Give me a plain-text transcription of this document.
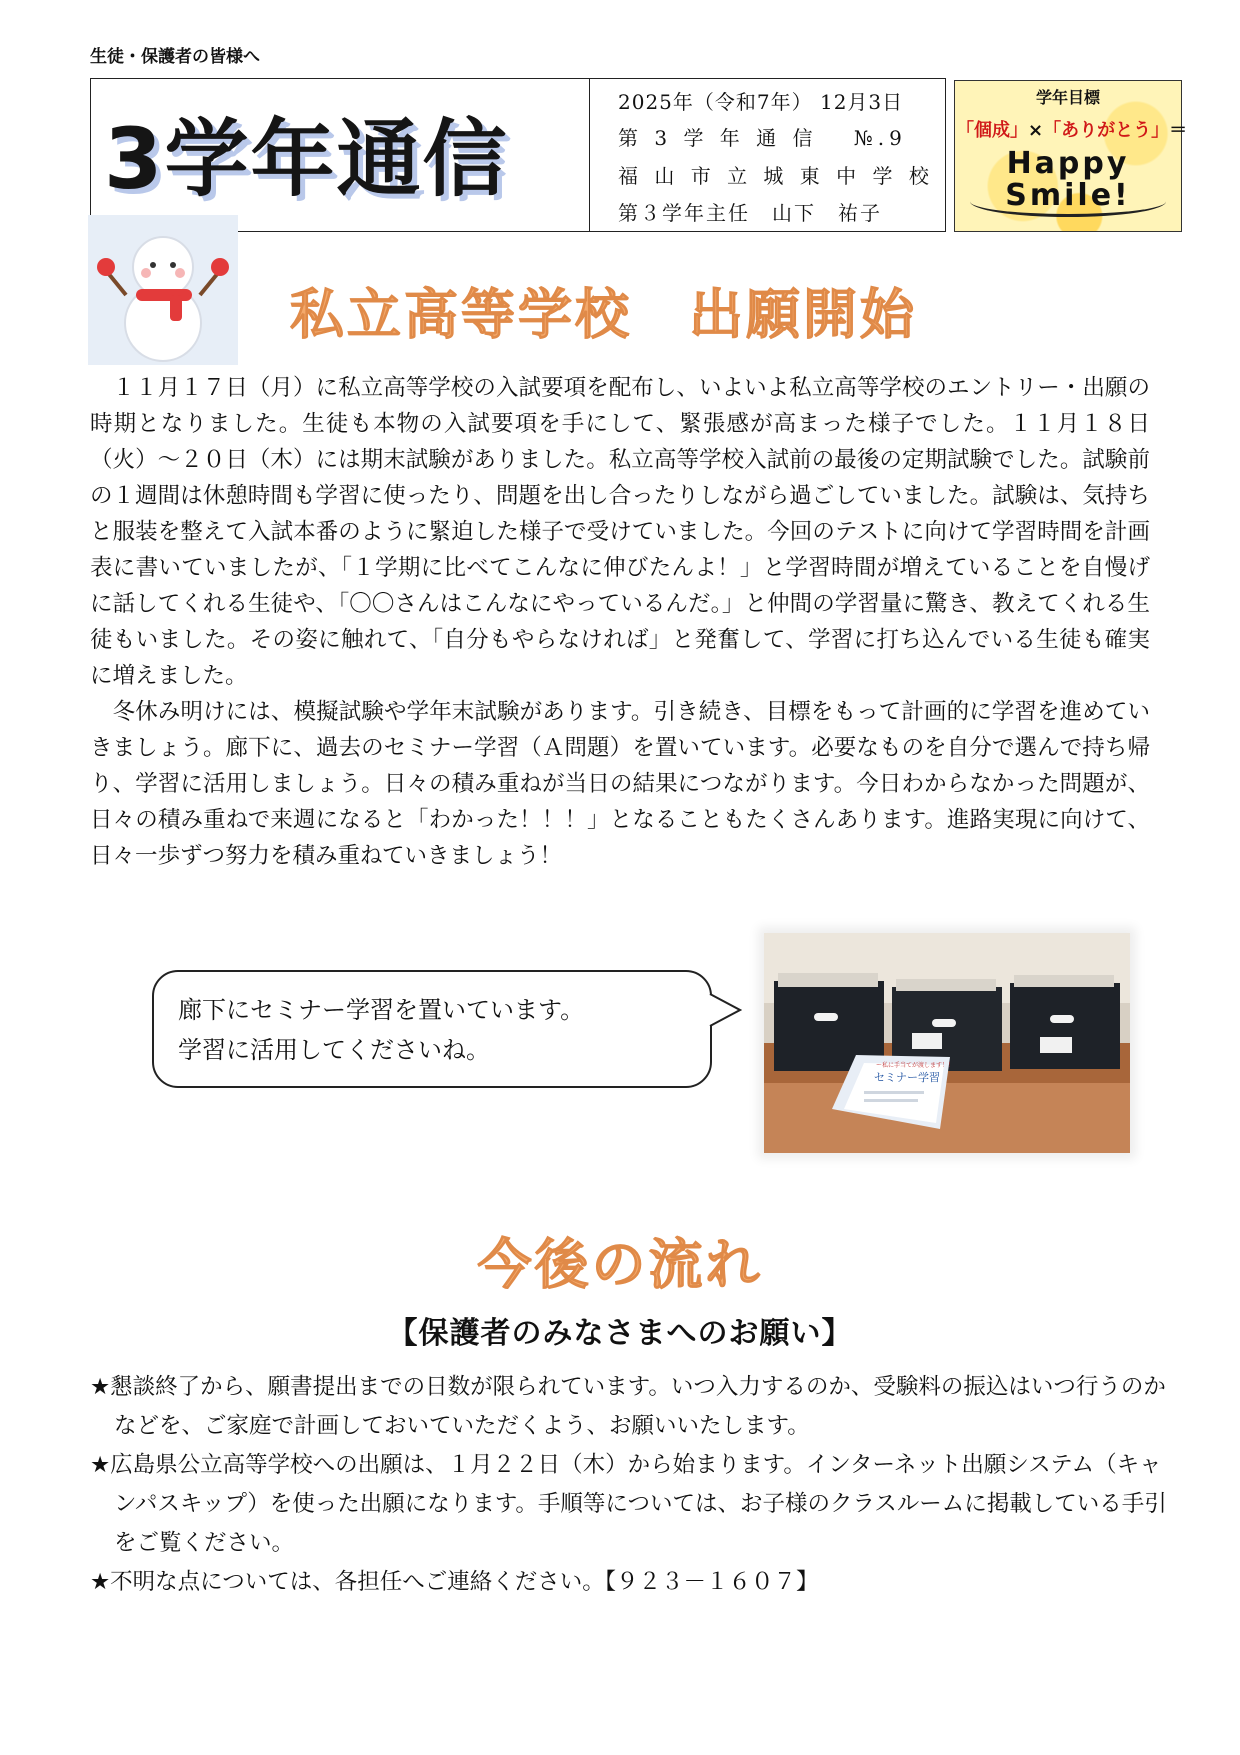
生徒・保護者の皆様へ
3学年通信
2025年（令和7年） 12月3日
第 3 学 年 通 信　 №.9
福 山 市 立 城 東 中 学 校
第３学年主任　山下　祐子
学年目標
「個成」×「ありがとう」＝
Happy
Smile!
私立高等学校　出願開始
　１１月１７日（月）に私立高等学校の入試要項を配布し、いよいよ私立高等学校のエントリー・出願の時期となりました。生徒も本物の入試要項を手にして、緊張感が高まった様子でした。１１月１８日（火）～２０日（木）には期末試験がありました。私立高等学校入試前の最後の定期試験でした。試験前の１週間は休憩時間も学習に使ったり、問題を出し合ったりしながら過ごしていました。試験は、気持ちと服装を整えて入試本番のように緊迫した様子で受けていました。今回のテストに向けて学習時間を計画表に書いていましたが、「１学期に比べてこんなに伸びたんよ！」と学習時間が増えていることを自慢げに話してくれる生徒や、「〇〇さんはこんなにやっているんだ。」と仲間の学習量に驚き、教えてくれる生徒もいました。その姿に触れて、「自分もやらなければ」と発奮して、学習に打ち込んでいる生徒も確実に増えました。
　冬休み明けには、模擬試験や学年末試験があります。引き続き、目標をもって計画的に学習を進めていきましょう。廊下に、過去のセミナー学習（Ａ問題）を置いています。必要なものを自分で選んで持ち帰り、学習に活用しましょう。日々の積み重ねが当日の結果につながります。今日わからなかった問題が、日々の積み重ねで来週になると「わかった！！！」となることもたくさんあります。進路実現に向けて、日々一歩ずつ努力を積み重ねていきましょう！
廊下にセミナー学習を置いています。
学習に活用してくださいね。
セミナー学習
ー私に手当てが渡します！！
今後の流れ
【保護者のみなさまへのお願い】
★懇談終了から、願書提出までの日数が限られています。いつ入力するのか、受験料の振込はいつ行うのかなどを、ご家庭で計画しておいていただくよう、お願いいたします。
★広島県公立高等学校への出願は、１月２２日（木）から始まります。インターネット出願システム（キャンパスキップ）を使った出願になります。手順等については、お子様のクラスルームに掲載している手引をご覧ください。
★不明な点については、各担任へご連絡ください。【９２３－１６０７】
